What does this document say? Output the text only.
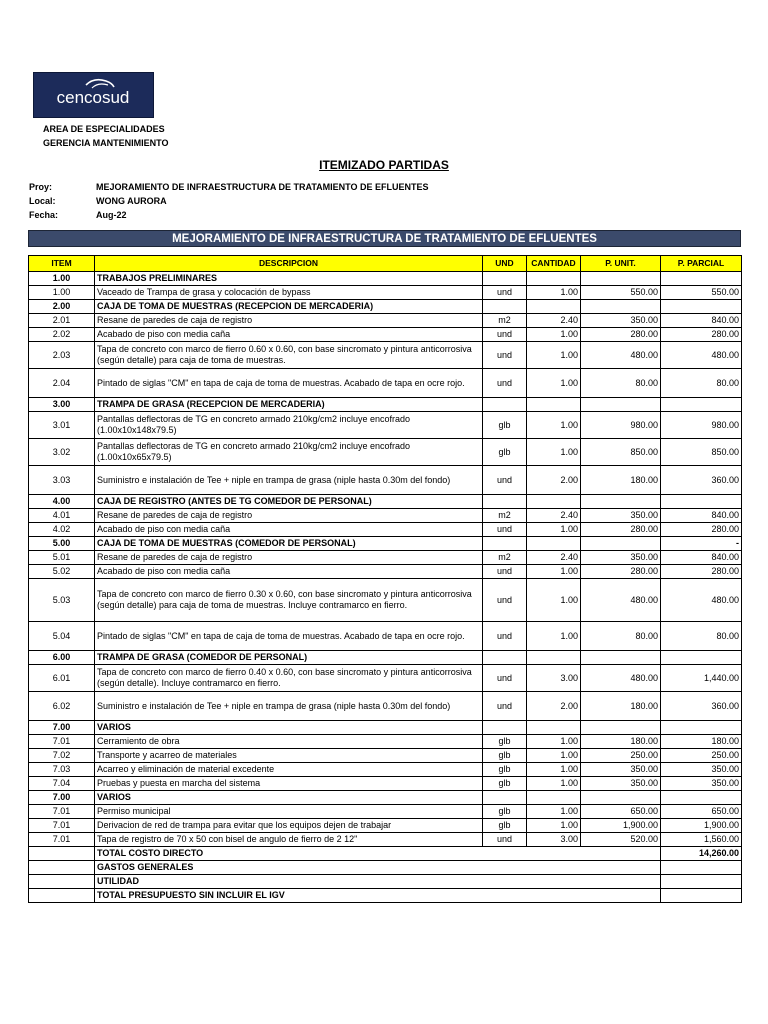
cencosud
AREA DE ESPECIALIDADES
GERENCIA MANTENIMIENTO
ITEMIZADO PARTIDAS
Proy:	MEJORAMIENTO DE INFRAESTRUCTURA DE TRATAMIENTO DE EFLUENTES
Local:	WONG AURORA
Fecha:	Aug-22
MEJORAMIENTO DE INFRAESTRUCTURA DE TRATAMIENTO DE EFLUENTES
ITEM	DESCRIPCION	UND	CANTIDAD	P. UNIT.	P. PARCIAL
1.00	TRABAJOS PRELIMINARES				
1.00	Vaceado de Trampa de grasa y colocación de bypass	und	1.00	550.00	550.00
2.00	CAJA DE TOMA DE MUESTRAS (RECEPCION DE MERCADERIA)				
2.01	Resane de paredes de caja de registro	m2	2.40	350.00	840.00
2.02	Acabado de piso con media caña	und	1.00	280.00	280.00
2.03	Tapa de concreto con marco de fierro 0.60 x 0.60, con base sincromato y pintura anticorrosiva (según detalle) para caja de toma de muestras.	und	1.00	480.00	480.00
2.04	Pintado de siglas "CM" en tapa de caja de toma de muestras. Acabado de tapa en ocre rojo.	und	1.00	80.00	80.00
3.00	TRAMPA DE GRASA (RECEPCION DE MERCADERIA)				
3.01	Pantallas deflectoras de TG en concreto armado 210kg/cm2 incluye encofrado (1.00x10x148x79.5)	glb	1.00	980.00	980.00
3.02	Pantallas deflectoras de TG en concreto armado 210kg/cm2 incluye encofrado (1.00x10x65x79.5)	glb	1.00	850.00	850.00
3.03	Suministro e instalación de Tee + niple en trampa de grasa (niple hasta 0.30m del fondo)	und	2.00	180.00	360.00
4.00	CAJA DE REGISTRO (ANTES DE TG COMEDOR DE PERSONAL)				
4.01	Resane de paredes de caja de registro	m2	2.40	350.00	840.00
4.02	Acabado de piso con media caña	und	1.00	280.00	280.00
5.00	CAJA DE TOMA DE MUESTRAS (COMEDOR DE PERSONAL)				-
5.01	Resane de paredes de caja de registro	m2	2.40	350.00	840.00
5.02	Acabado de piso con media caña	und	1.00	280.00	280.00
5.03	Tapa de concreto con marco de fierro 0.30 x 0.60, con base sincromato y pintura anticorrosiva (según detalle) para caja de toma de muestras. Incluye contramarco en fierro.	und	1.00	480.00	480.00
5.04	Pintado de siglas "CM" en tapa de caja de toma de muestras. Acabado de tapa en ocre rojo.	und	1.00	80.00	80.00
6.00	TRAMPA DE GRASA (COMEDOR DE PERSONAL)				
6.01	Tapa de concreto con marco de fierro 0.40 x 0.60, con base sincromato y pintura anticorrosiva (según detalle). Incluye contramarco en fierro.	und	3.00	480.00	1,440.00
6.02	Suministro e instalación de Tee + niple en trampa de grasa (niple hasta 0.30m del fondo)	und	2.00	180.00	360.00
7.00	VARIOS				
7.01	Cerramiento de obra	glb	1.00	180.00	180.00
7.02	Transporte y acarreo de materiales	glb	1.00	250.00	250.00
7.03	Acarreo y eliminación de material excedente	glb	1.00	350.00	350.00
7.04	Pruebas y puesta en marcha del sistema	glb	1.00	350.00	350.00
7.00	VARIOS				
7.01	Permiso municipal	glb	1.00	650.00	650.00
7.01	Derivacion de red de trampa para evitar que los equipos dejen de trabajar	glb	1.00	1,900.00	1,900.00
7.01	Tapa de registro de 70 x 50 con bisel de angulo de fierro de 2 12"	und	3.00	520.00	1,560.00
	TOTAL COSTO DIRECTO				14,260.00
	GASTOS GENERALES				
	UTILIDAD				
	TOTAL PRESUPUESTO SIN INCLUIR EL IGV				
